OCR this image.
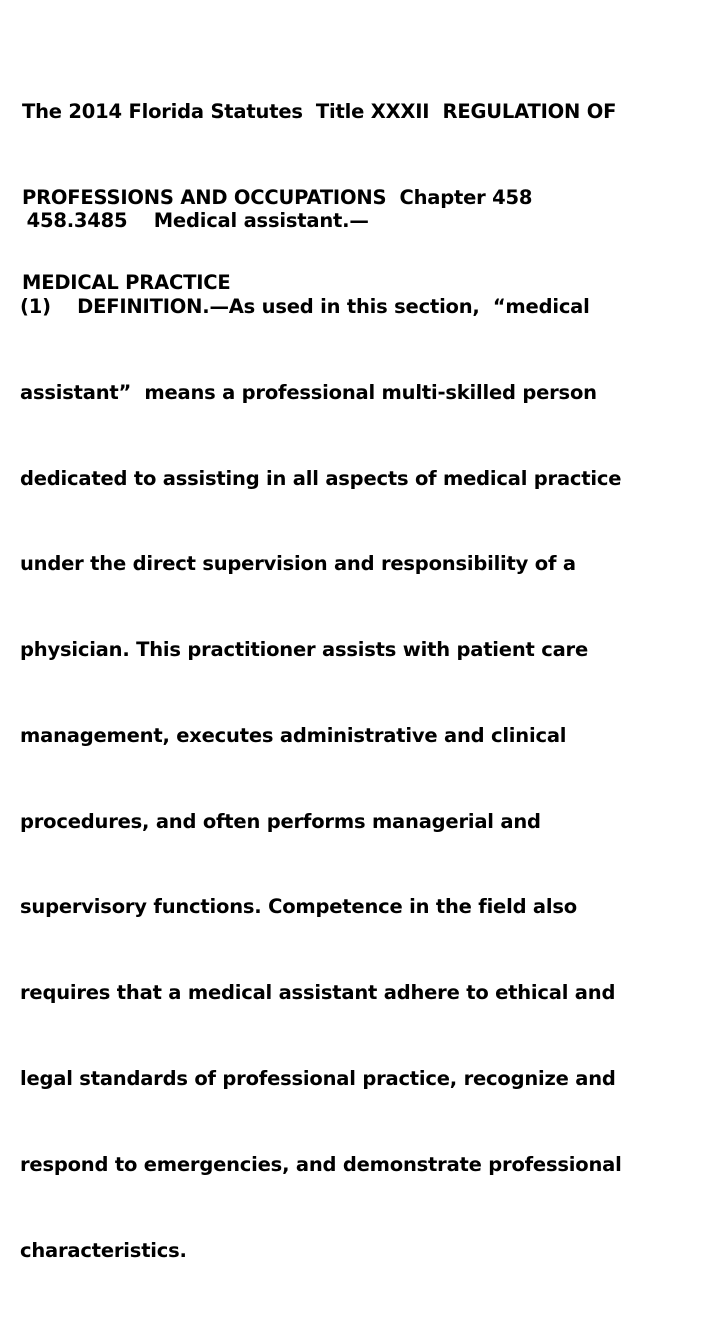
The 2014 Florida Statutes  Title XXXII  REGULATION OF

PROFESSIONS AND OCCUPATIONS  Chapter 458

MEDICAL PRACTICE

458.3485    Medical assistant.—

(1)    DEFINITION.—As used in this section,  “medical

assistant”  means a professional multi-skilled person

dedicated to assisting in all aspects of medical practice

under the direct supervision and responsibility of a

physician. This practitioner assists with patient care

management, executes administrative and clinical

procedures, and often performs managerial and

supervisory functions. Competence in the field also

requires that a medical assistant adhere to ethical and

legal standards of professional practice, recognize and

respond to emergencies, and demonstrate professional

characteristics.
